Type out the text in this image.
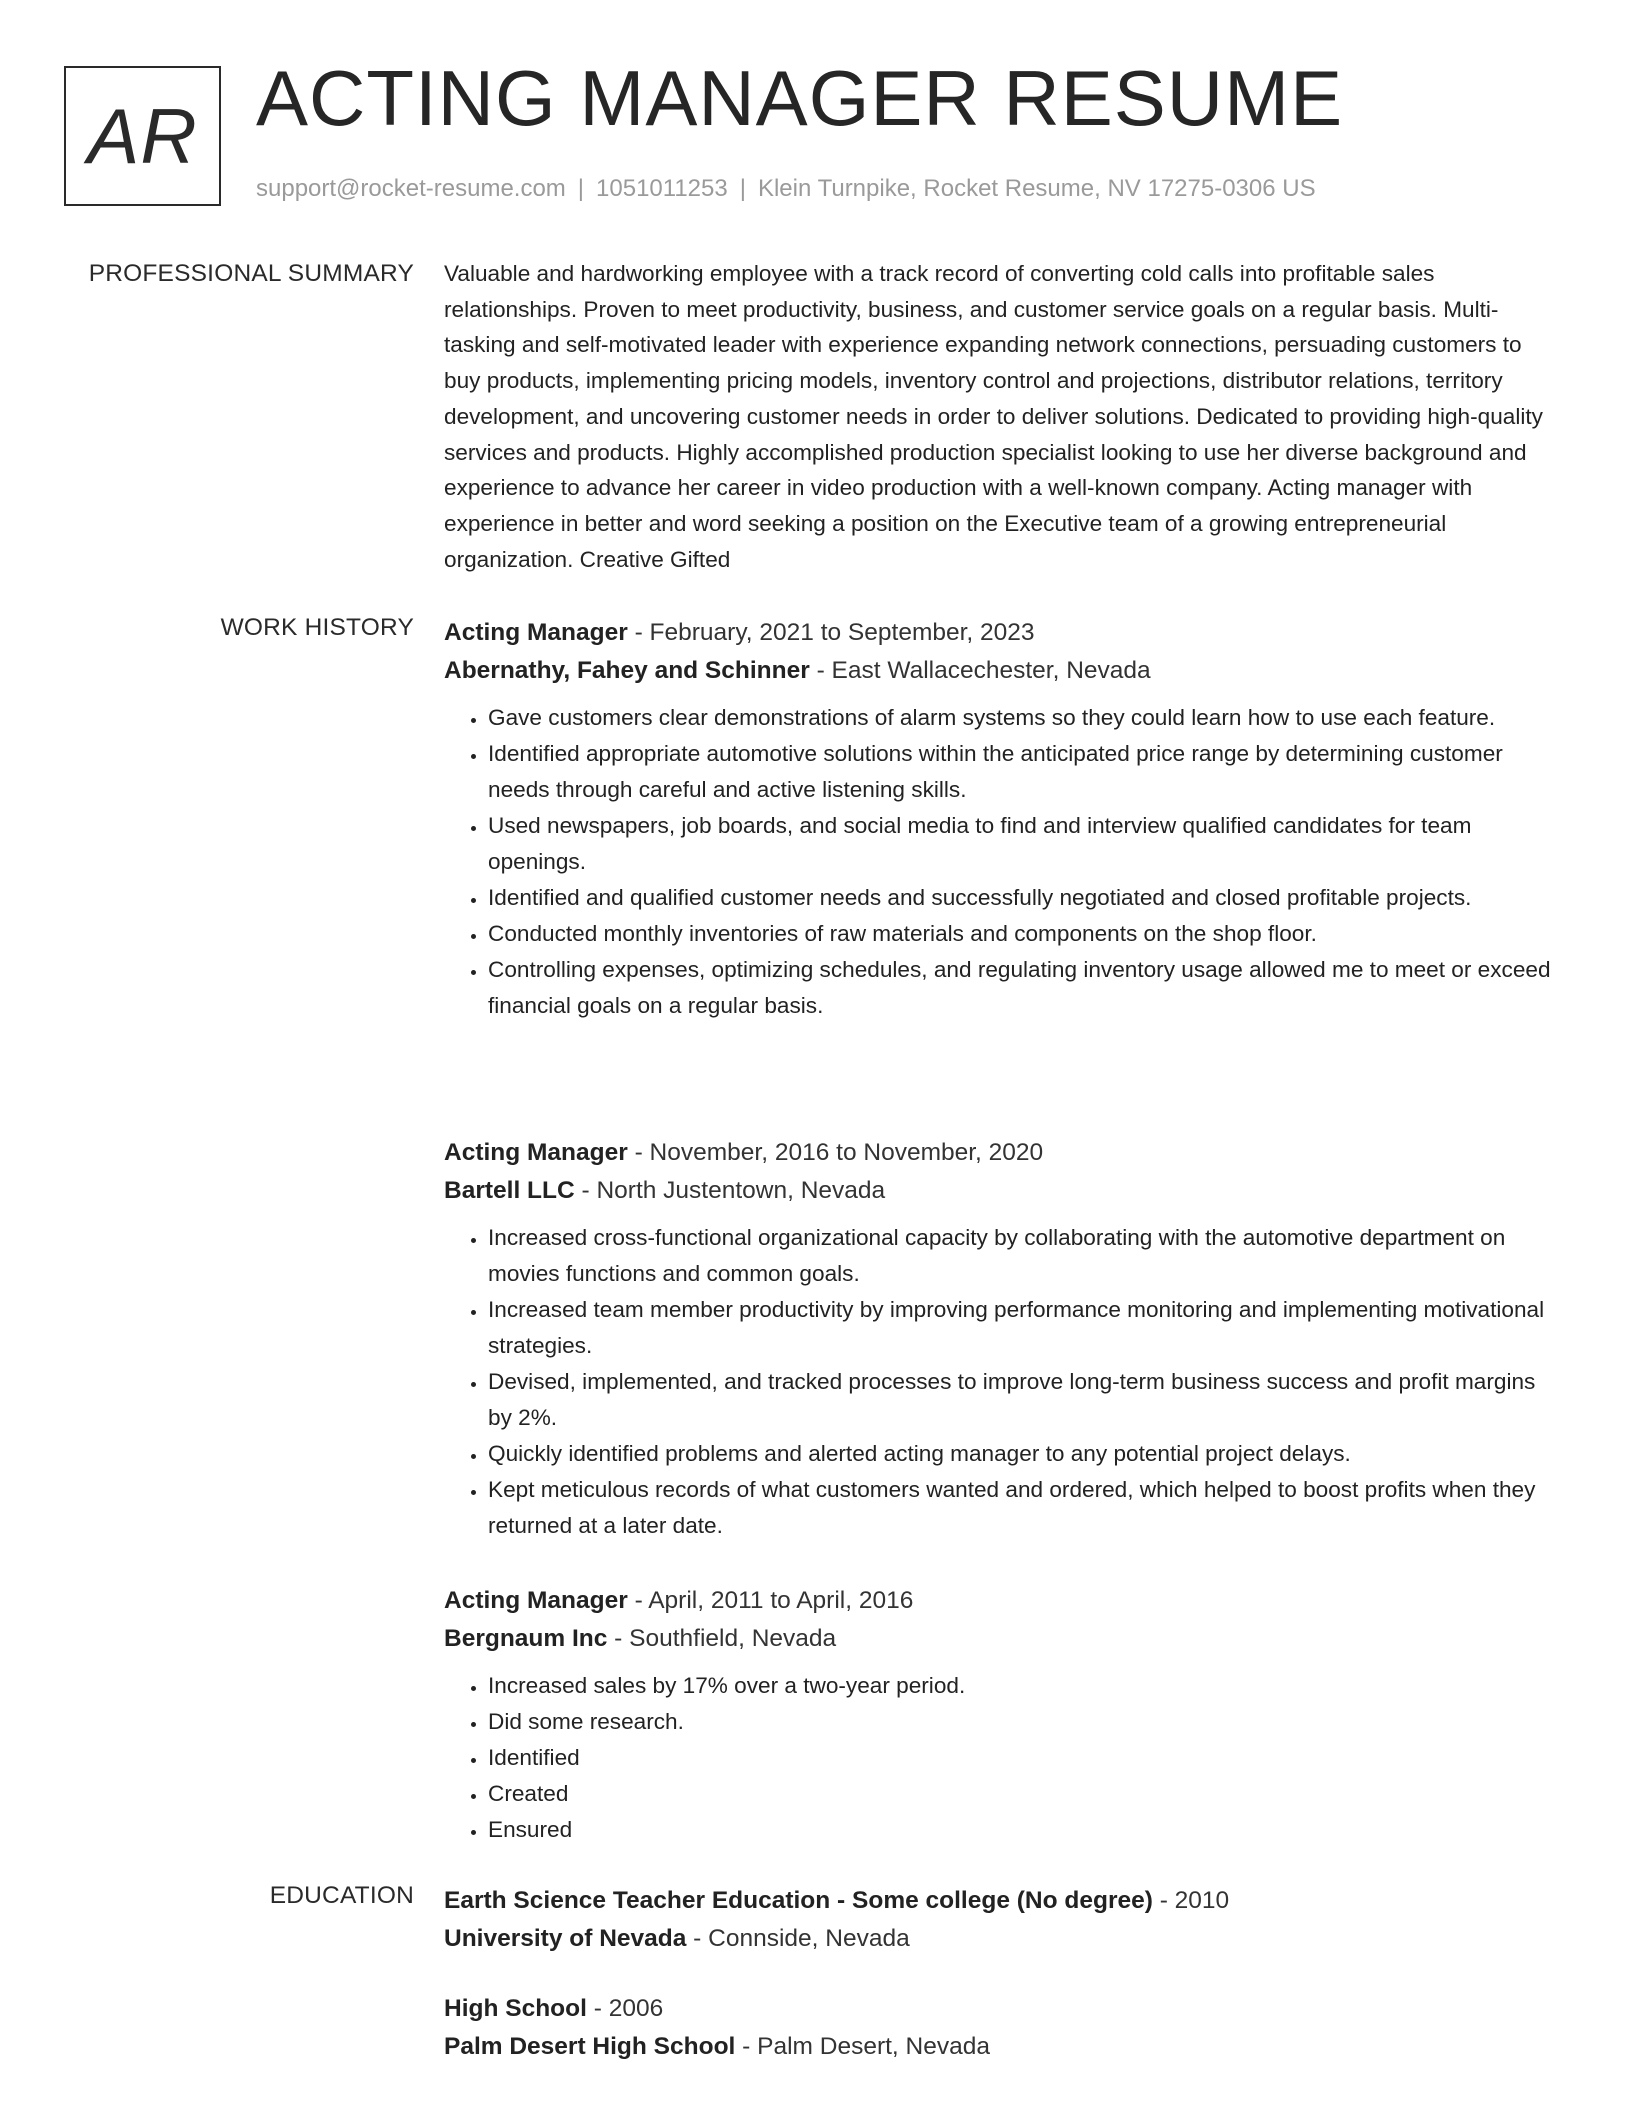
AR ACTING MANAGER RESUME
support@rocket-resume.com | 1051011253 | Klein Turnpike, Rocket Resume, NV 17275-0306 US
PROFESSIONAL SUMMARY Valuable and hardworking employee with a track record of converting cold calls into profitable sales relationships. Proven to meet productivity, business, and customer service goals on a regular basis. Multi-tasking and self-motivated leader with experience expanding network connections, persuading customers to buy products, implementing pricing models, inventory control and projections, distributor relations, territory development, and uncovering customer needs in order to deliver solutions. Dedicated to providing high-quality services and products. Highly accomplished production specialist looking to use her diverse background and experience to advance her career in video production with a well-known company. Acting manager with experience in better and word seeking a position on the Executive team of a growing entrepreneurial organization. Creative Gifted

WORK HISTORY Acting Manager - February, 2021 to September, 2023

Abernathy, Fahey and Schinner - East Wallacechester, Nevada

• Gave customers clear demonstrations of alarm systems so they could learn how to use each feature.
• Identified appropriate automotive solutions within the anticipated price range by determining customer needs through careful and active listening skills.
• Used newspapers, job boards, and social media to find and interview qualified candidates for team openings.
• Identified and qualified customer needs and successfully negotiated and closed profitable projects.
• Conducted monthly inventories of raw materials and components on the shop floor.
• Controlling expenses, optimizing schedules, and regulating inventory usage allowed me to meet or exceed financial goals on a regular basis.

Acting Manager - November, 2016 to November, 2020

Bartell LLC - North Justentown, Nevada

• Increased cross-functional organizational capacity by collaborating with the automotive department on movies functions and common goals.
• Increased team member productivity by improving performance monitoring and implementing motivational strategies.
• Devised, implemented, and tracked processes to improve long-term business success and profit margins by 2%.
• Quickly identified problems and alerted acting manager to any potential project delays.
• Kept meticulous records of what customers wanted and ordered, which helped to boost profits when they returned at a later date.

Acting Manager - April, 2011 to April, 2016

Bergnaum Inc - Southfield, Nevada

• Increased sales by 17% over a two-year period.
• Did some research.
• Identified
• Created
• Ensured
EDUCATION Earth Science Teacher Education - Some college (No degree) - 2010

University of Nevada - Connside, Nevada

High School - 2006

Palm Desert High School - Palm Desert, Nevada
